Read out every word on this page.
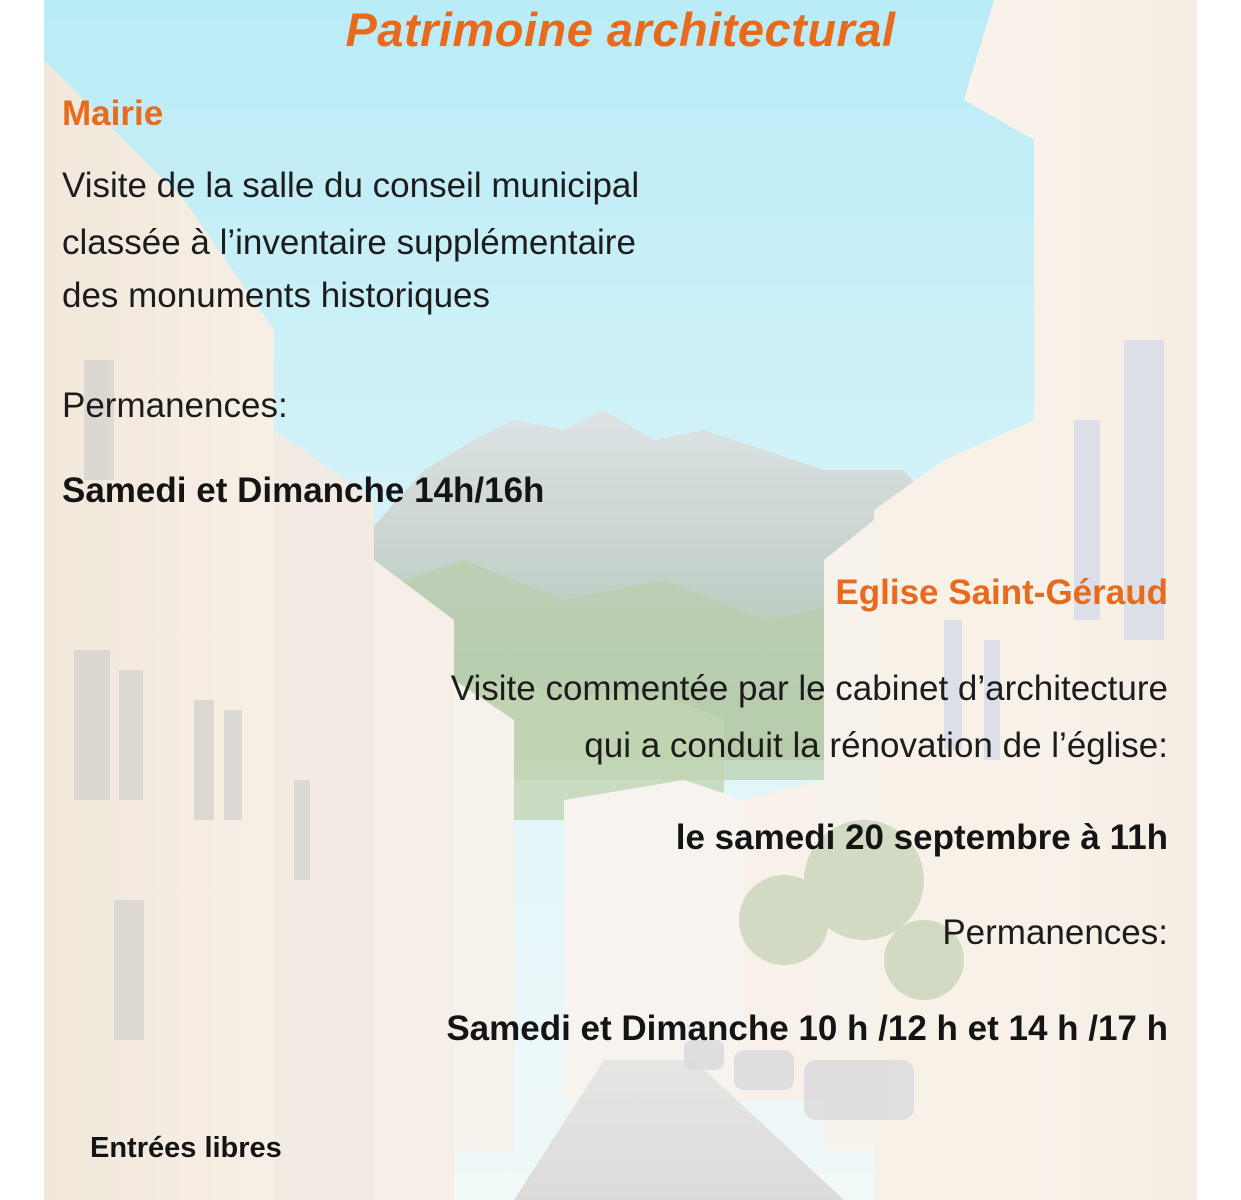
Patrimoine architectural

Mairie

Visite de la salle du conseil municipal

classée à l’inventaire supplémentaire

des monuments historiques

Permanences:

Samedi et Dimanche 14h/16h

Eglise Saint-Géraud

Visite commentée par le cabinet d’architecture

qui a conduit la rénovation de l’église:

le samedi 20 septembre à 11h

Permanences:

Samedi et Dimanche 10 h /12 h et 14 h /17 h

Entrées libres
